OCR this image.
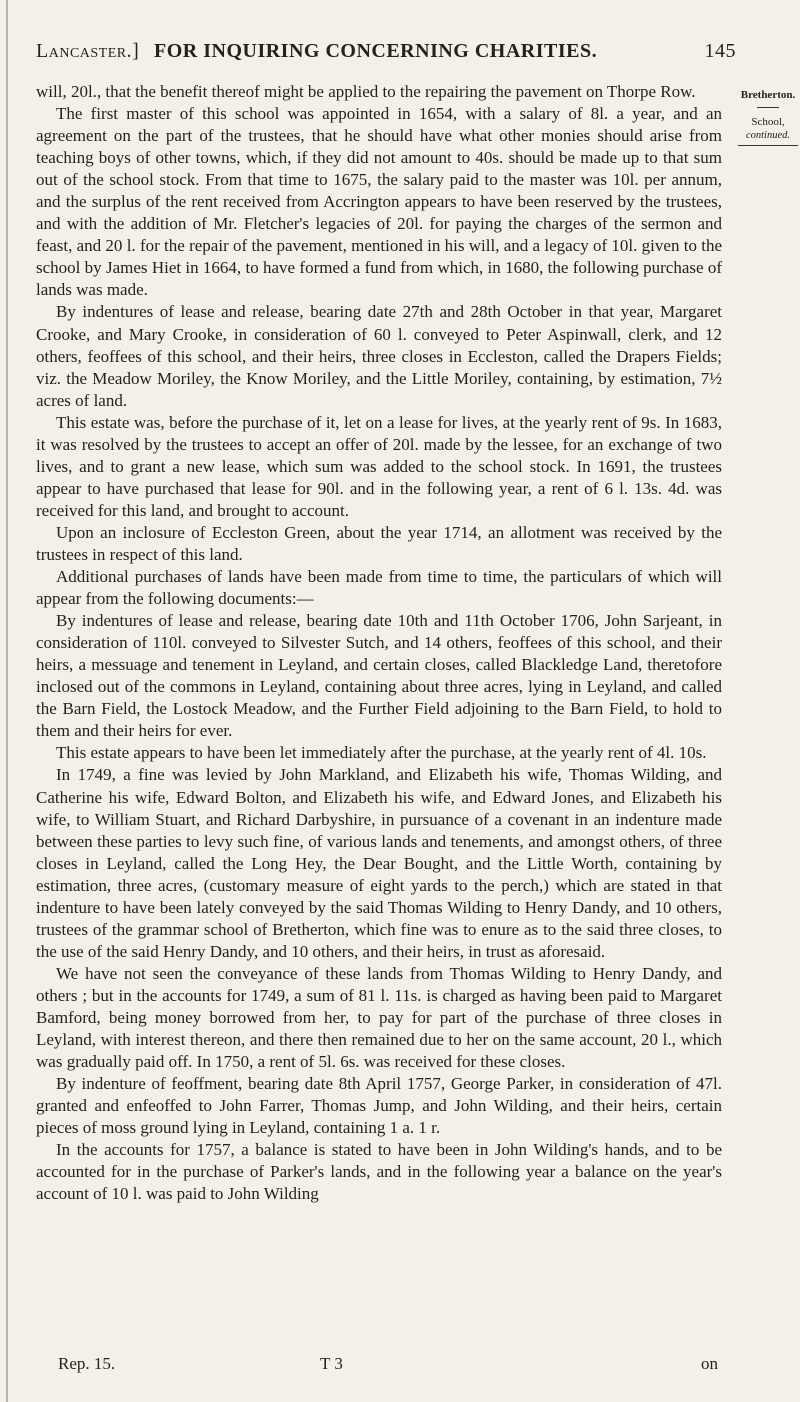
Lancaster.] FOR INQUIRING CONCERNING CHARITIES.	145
Bretherton.
School,
continued.

will, 20l., that the benefit thereof might be applied to the repairing the pavement on Thorpe Row.

The first master of this school was appointed in 1654, with a salary of 8l. a year, and an agreement on the part of the trustees, that he should have what other monies should arise from teaching boys of other towns, which, if they did not amount to 40s. should be made up to that sum out of the school stock. From that time to 1675, the salary paid to the master was 10l. per annum, and the surplus of the rent received from Accrington appears to have been reserved by the trustees, and with the addition of Mr. Fletcher's legacies of 20l. for paying the charges of the sermon and feast, and 20 l. for the repair of the pavement, mentioned in his will, and a legacy of 10l. given to the school by James Hiet in 1664, to have formed a fund from which, in 1680, the following purchase of lands was made.

By indentures of lease and release, bearing date 27th and 28th October in that year, Margaret Crooke, and Mary Crooke, in consideration of 60 l. conveyed to Peter Aspinwall, clerk, and 12 others, feoffees of this school, and their heirs, three closes in Eccleston, called the Drapers Fields; viz. the Meadow Moriley, the Know Moriley, and the Little Moriley, containing, by estimation, 7½ acres of land.

This estate was, before the purchase of it, let on a lease for lives, at the yearly rent of 9s. In 1683, it was resolved by the trustees to accept an offer of 20l. made by the lessee, for an exchange of two lives, and to grant a new lease, which sum was added to the school stock. In 1691, the trustees appear to have purchased that lease for 90l. and in the following year, a rent of 6 l. 13s. 4d. was received for this land, and brought to account.

Upon an inclosure of Eccleston Green, about the year 1714, an allotment was received by the trustees in respect of this land.

Additional purchases of lands have been made from time to time, the particulars of which will appear from the following documents:—

By indentures of lease and release, bearing date 10th and 11th October 1706, John Sarjeant, in consideration of 110l. conveyed to Silvester Sutch, and 14 others, feoffees of this school, and their heirs, a messuage and tenement in Leyland, and certain closes, called Blackledge Land, theretofore inclosed out of the commons in Leyland, containing about three acres, lying in Leyland, and called the Barn Field, the Lostock Meadow, and the Further Field adjoining to the Barn Field, to hold to them and their heirs for ever.

This estate appears to have been let immediately after the purchase, at the yearly rent of 4l. 10s.

In 1749, a fine was levied by John Markland, and Elizabeth his wife, Thomas Wilding, and Catherine his wife, Edward Bolton, and Elizabeth his wife, and Edward Jones, and Elizabeth his wife, to William Stuart, and Richard Darbyshire, in pursuance of a covenant in an indenture made between these parties to levy such fine, of various lands and tenements, and amongst others, of three closes in Leyland, called the Long Hey, the Dear Bought, and the Little Worth, containing by estimation, three acres, (customary measure of eight yards to the perch,) which are stated in that indenture to have been lately conveyed by the said Thomas Wilding to Henry Dandy, and 10 others, trustees of the grammar school of Bretherton, which fine was to enure as to the said three closes, to the use of the said Henry Dandy, and 10 others, and their heirs, in trust as aforesaid.

We have not seen the conveyance of these lands from Thomas Wilding to Henry Dandy, and others ; but in the accounts for 1749, a sum of 81 l. 11s. is charged as having been paid to Margaret Bamford, being money borrowed from her, to pay for part of the purchase of three closes in Leyland, with interest thereon, and there then remained due to her on the same account, 20 l., which was gradually paid off. In 1750, a rent of 5l. 6s. was received for these closes.

By indenture of feoffment, bearing date 8th April 1757, George Parker, in consideration of 47l. granted and enfeoffed to John Farrer, Thomas Jump, and John Wilding, and their heirs, certain pieces of moss ground lying in Leyland, containing 1 a. 1 r.

In the accounts for 1757, a balance is stated to have been in John Wilding's hands, and to be accounted for in the purchase of Parker's lands, and in the following year a balance on the year's account of 10 l. was paid to John Wilding

Rep. 15.	T 3	on
